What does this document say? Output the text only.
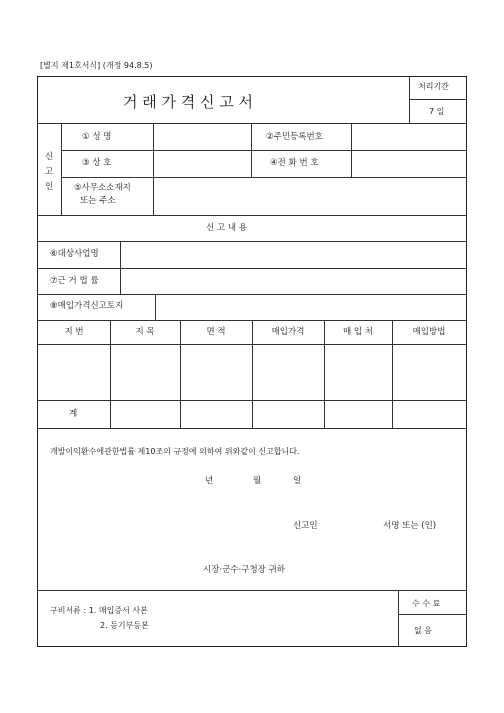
[별지 제1호서식] (개정 94.8.5)
거 래 가 격 신 고 서
처리기간
7 일
신
고
인
① 성 명	②주민등록번호
③ 상 호	④전 화 번 호
⑤사무소소재지
또는 주소
신 고 내 용
⑥대상사업명
⑦근 거 법 률
⑧매입가격신고토지
지 번	지 목	면 적	매입가격	매 입 처	매입방법
계
개발이익환수에관한법률 제10조의 규정에 의하여 위와같이 신고합니다.
년	월	일
신고인	서명 또는 (인)
시장·군수·구청장 귀하
구비서류 : 1. 매입증서 사본
2. 등기부등본
수 수 료
없 음
